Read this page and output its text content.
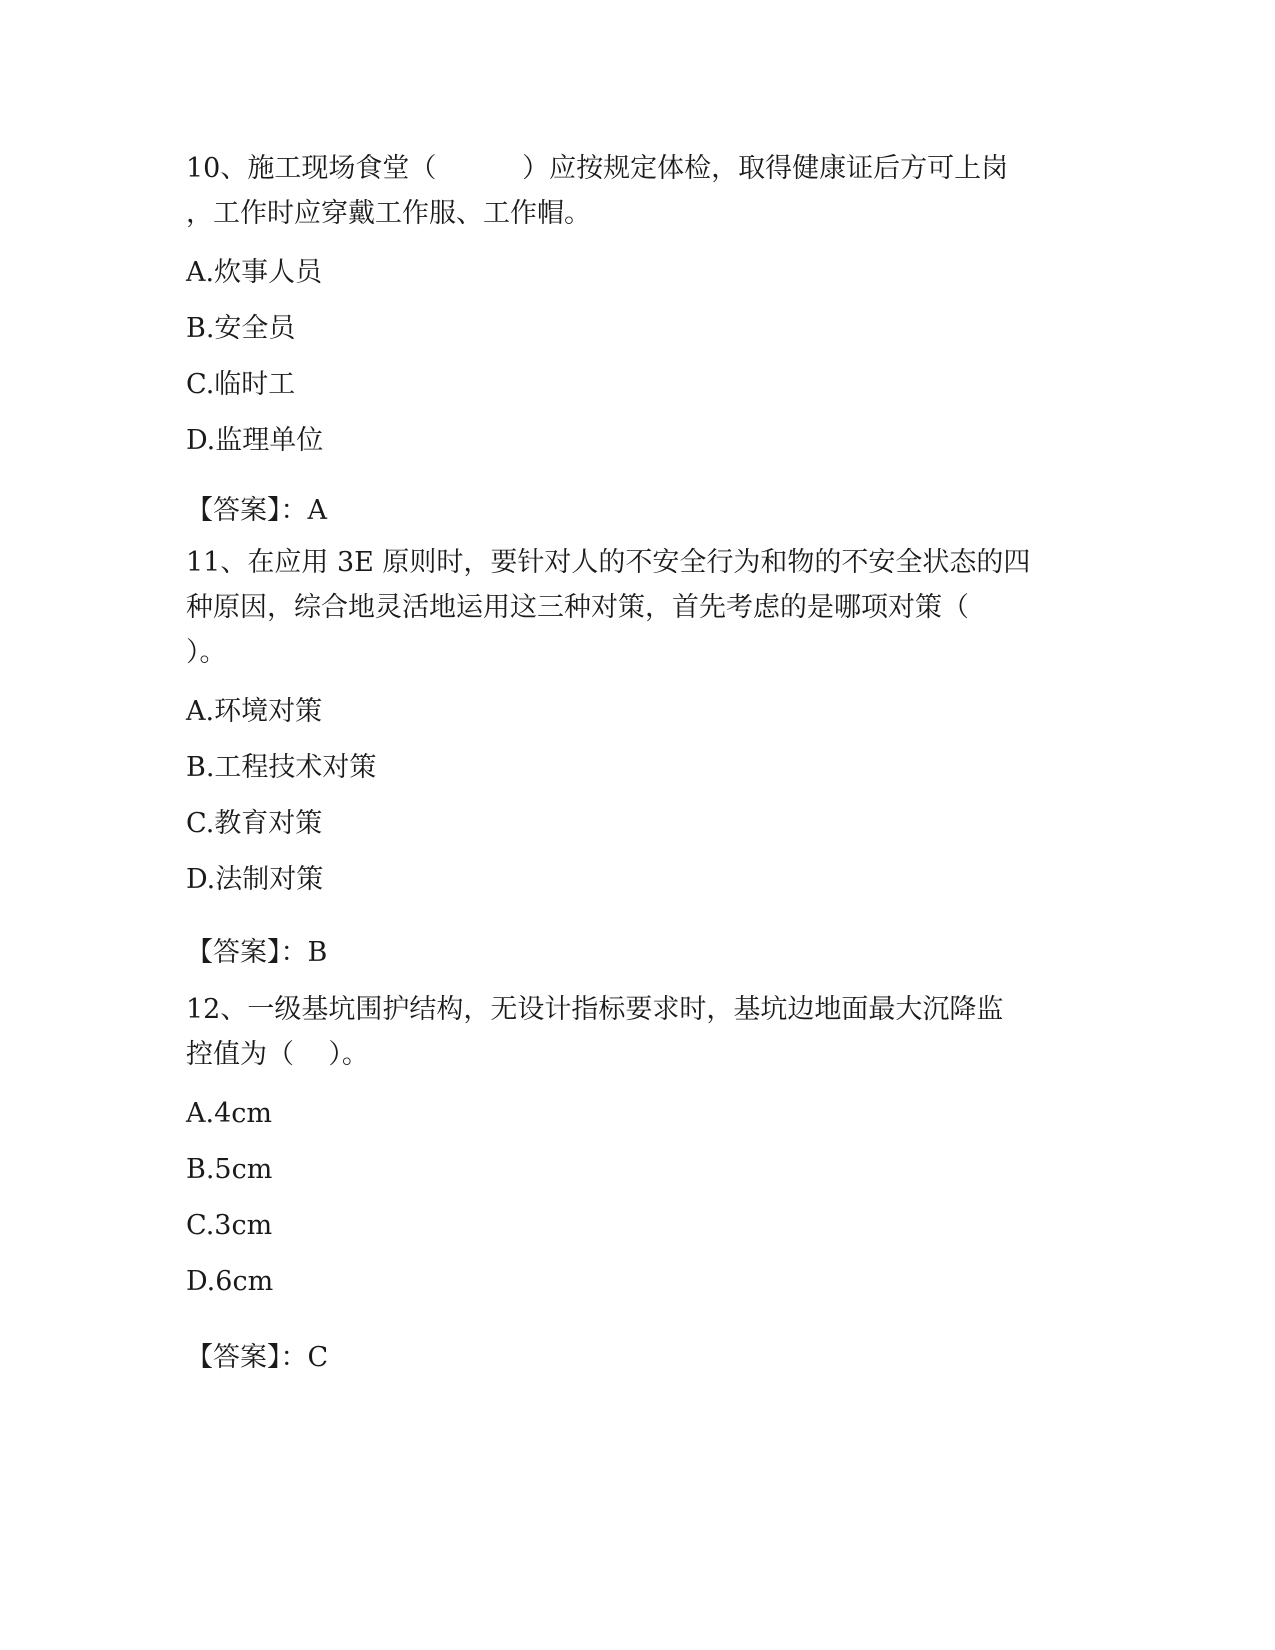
10、施工现场食堂（          ）应按规定体检，取得健康证后方可上岗
，工作时应穿戴工作服、工作帽。

A.炊事人员

B.安全员

C.临时工

D.监理单位

【答案】：A

11、在应用 3E 原则时，要针对人的不安全行为和物的不安全状态的四
种原因，综合地灵活地运用这三种对策，首先考虑的是哪项对策（
）。

A.环境对策

B.工程技术对策

C.教育对策

D.法制对策

【答案】：B

12、一级基坑围护结构，无设计指标要求时，基坑边地面最大沉降监
控值为（    ）。

A.4cm

B.5cm

C.3cm

D.6cm

【答案】：C
